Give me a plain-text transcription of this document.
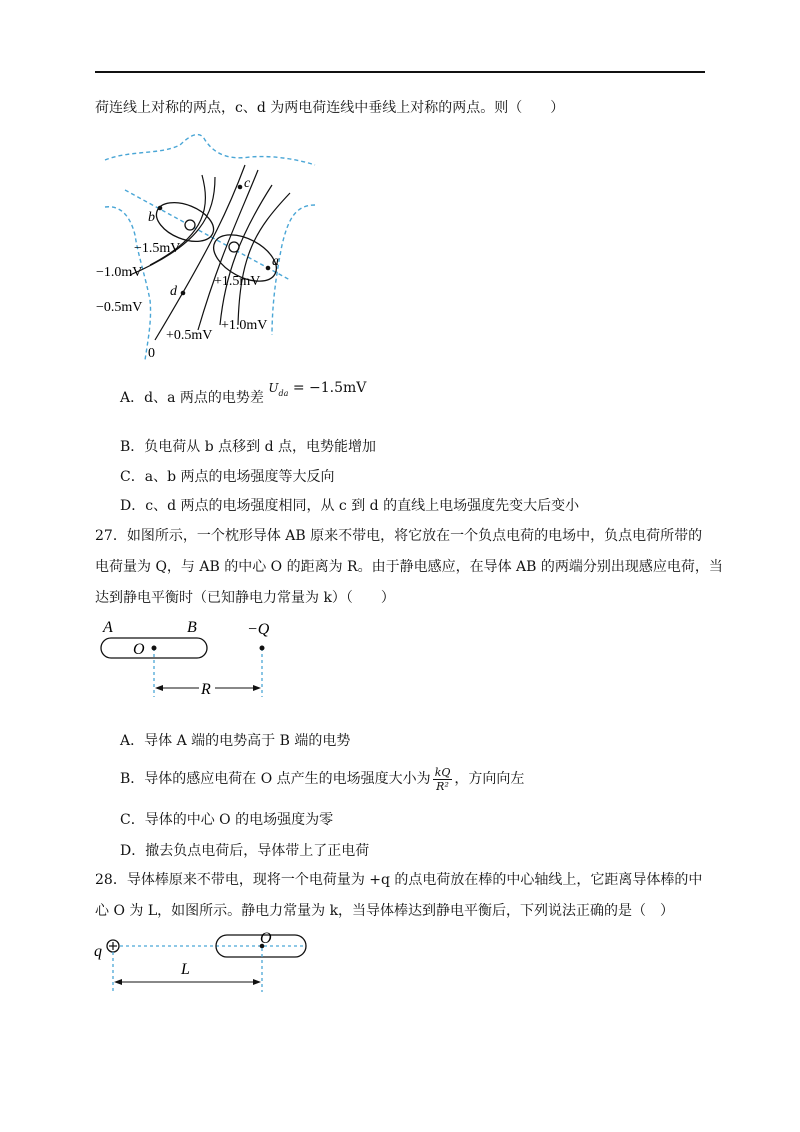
荷连线上对称的两点，c、d 为两电荷连线中垂线上对称的两点。则（　　）
b
c
a
d
−1.5mV
−1.0mV
−0.5mV
+1.5mV
+1.0mV
+0.5mV
0
A．d、a 两点的电势差 $U^{da} = -1.5mV$
B．负电荷从 b 点移到 d 点，电势能增加
C．a、b 两点的电场强度等大反向
D．c、d 两点的电场强度相同，从 c 到 d 的直线上电场强度先变大后变小
27．如图所示，一个枕形导体 AB 原来不带电，将它放在一个负点电荷的电场中，负点电荷所带的
电荷量为 Q，与 AB 的中心 O 的距离为 R。由于静电感应，在导体 AB 的两端分别出现感应电荷，当
达到静电平衡时（已知静电力常量为 k）（　　）
A	B
O
−Q
R
A．导体 A 端的电势高于 B 端的电势
B．导体的感应电荷在 O 点产生的电场强度大小为 $\frac{kQ}{\text{R²}}$ ，方向向左
C．导体的中心 O 的电场强度为零
D．撤去负点电荷后，导体带上了正电荷
28．导体棒原来不带电，现将一个电荷量为 +q 的点电荷放在棒的中心轴线上，它距离导体棒的中
心 O 为 L，如图所示。静电力常量为 k，当导体棒达到静电平衡后，下列说法正确的是（　）
q
O
L
